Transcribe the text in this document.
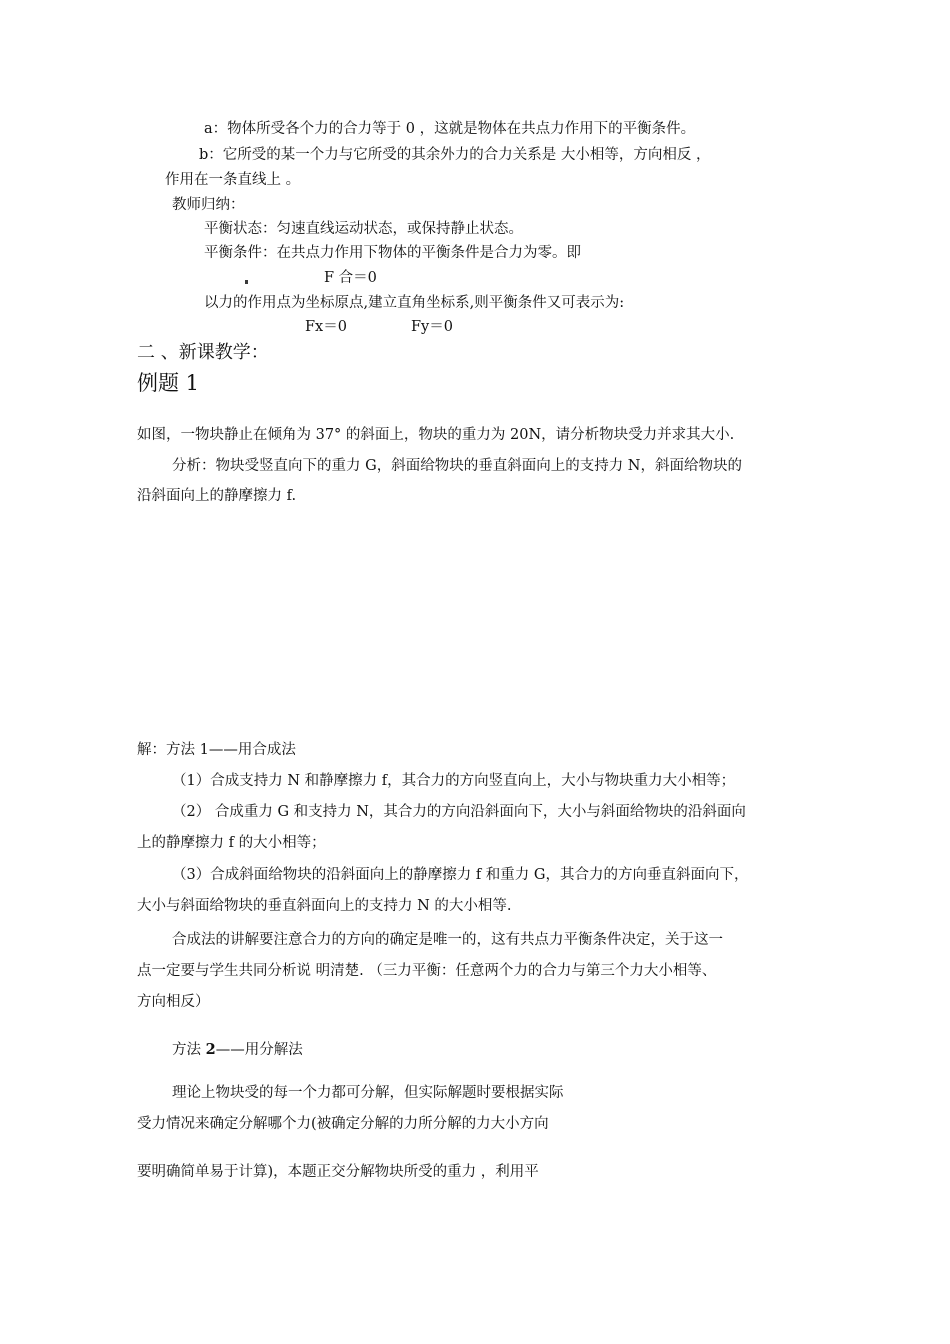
a：物体所受各个力的合力等于 0 ，这就是物体在共点力作用下的平衡条件。
b：它所受的某一个力与它所受的其余外力的合力关系是 大小相等，方向相反 ，
作用在一条直线上 。
教师归纳：
平衡状态：匀速直线运动状态，或保持静止状态。
平衡条件：在共点力作用下物体的平衡条件是合力为零。即
F 合＝0
以力的作用点为坐标原点,建立直角坐标系,则平衡条件又可表示为:
Fx＝0	Fy＝0
二 、新课教学：
例题 1
如图，一物块静止在倾角为 37° 的斜面上，物块的重力为 20N，请分析物块受力并求其大小.
分析：物块受竖直向下的重力 G，斜面给物块的垂直斜面向上的支持力 N，斜面给物块的
沿斜面向上的静摩擦力 f.
解：方法 1——用合成法
（1）合成支持力 N 和静摩擦力 f，其合力的方向竖直向上，大小与物块重力大小相等；
（2） 合成重力 G 和支持力 N，其合力的方向沿斜面向下，大小与斜面给物块的沿斜面向
上的静摩擦力 f 的大小相等；
（3）合成斜面给物块的沿斜面向上的静摩擦力 f 和重力 G，其合力的方向垂直斜面向下，
大小与斜面给物块的垂直斜面向上的支持力 N 的大小相等.
合成法的讲解要注意合力的方向的确定是唯一的，这有共点力平衡条件决定，关于这一
点一定要与学生共同分析说 明清楚. （三力平衡：任意两个力的合力与第三个力大小相等、
方向相反）
方法 2——用分解法
理论上物块受的每一个力都可分解，但实际解题时要根据实际
受力情况来确定分解哪个力(被确定分解的力所分解的力大小方向
要明确简单易于计算)，本题正交分解物块所受的重力 ，利用平
